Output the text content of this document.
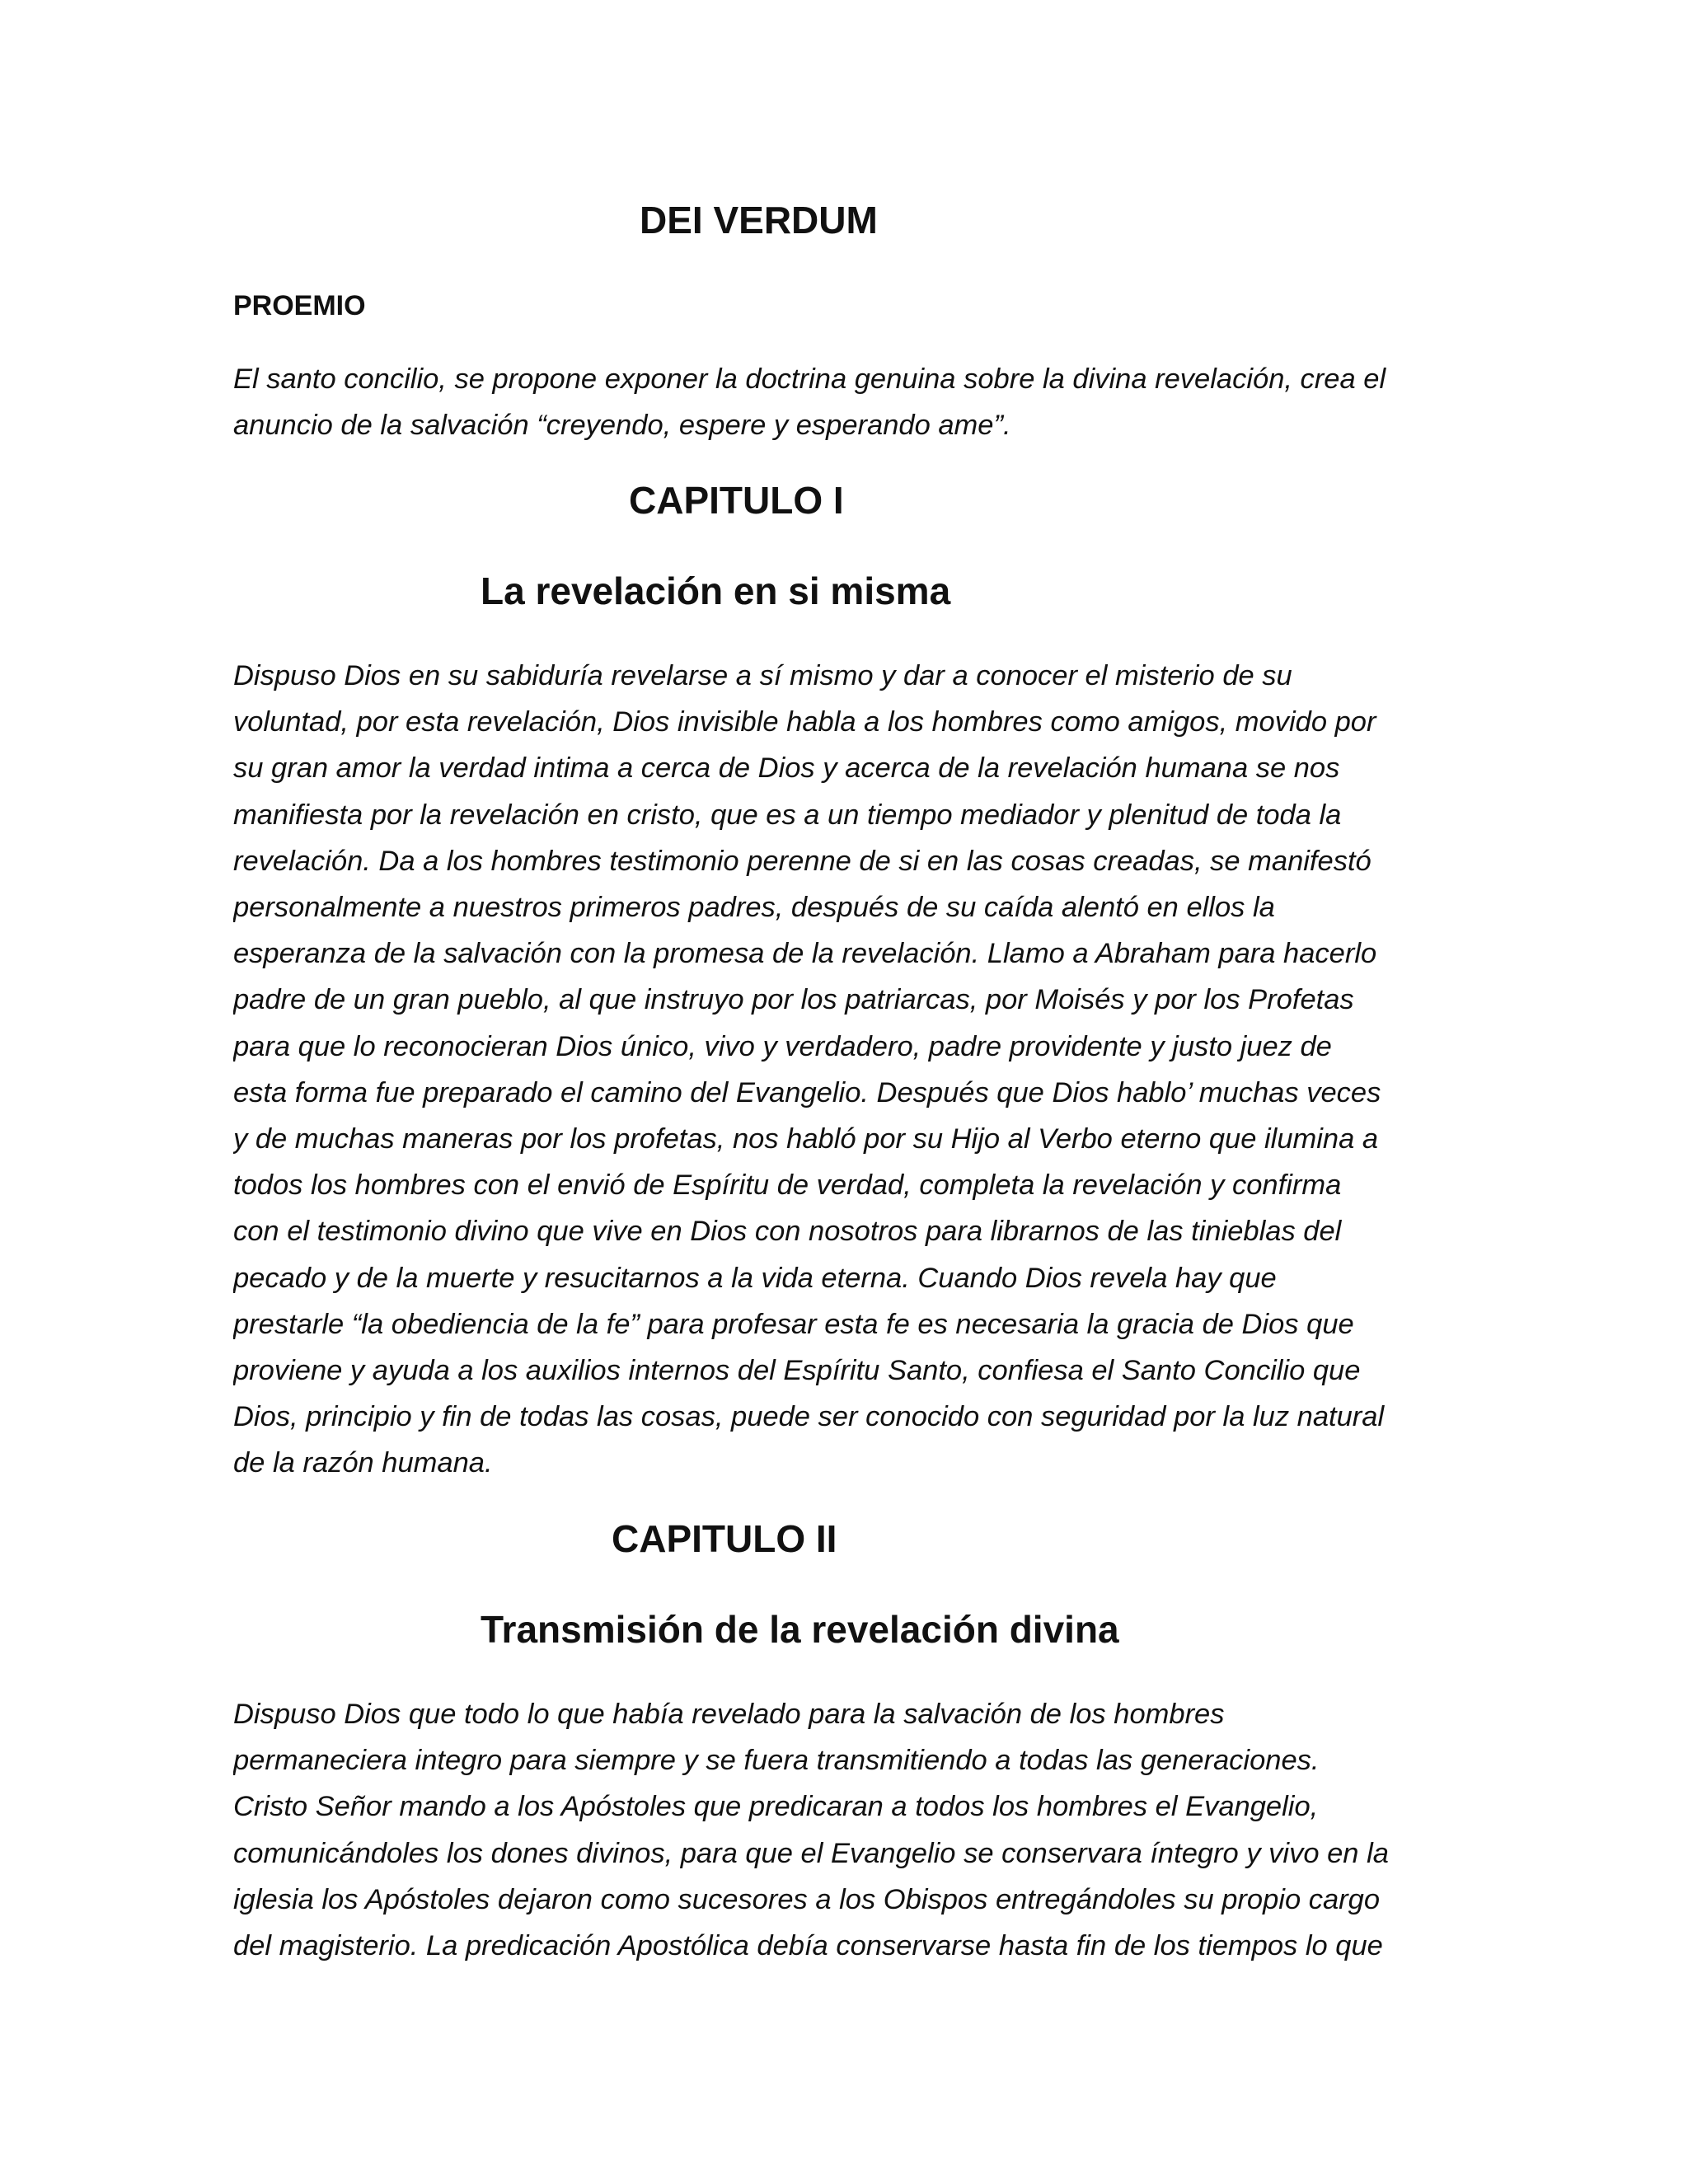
DEI VERDUM
PROEMIO

El santo concilio, se propone exponer la doctrina genuina sobre la divina revelación, crea el
anuncio de la salvación “creyendo, espere y esperando ame”.

CAPITULO I
La revelación en si misma

Dispuso Dios en su sabiduría revelarse a sí mismo y dar a conocer el misterio de su
voluntad, por esta revelación, Dios invisible habla a los hombres como amigos, movido por
su gran amor la verdad intima a cerca de Dios y acerca de la revelación humana se nos
manifiesta por la revelación en cristo, que es a un tiempo mediador y plenitud de toda la
revelación. Da a los hombres testimonio perenne de si en las cosas creadas, se manifestó
personalmente a nuestros primeros padres, después de su caída alentó en ellos la
esperanza de la salvación con la promesa de la revelación. Llamo a Abraham para hacerlo
padre de un gran pueblo, al que instruyo por los patriarcas, por Moisés y por los Profetas
para que lo reconocieran Dios único, vivo y verdadero, padre providente y justo juez de
esta forma fue preparado el camino del Evangelio. Después que Dios hablo’ muchas veces
y de muchas maneras por los profetas, nos habló por su Hijo al Verbo eterno que ilumina a
todos los hombres con el envió de Espíritu de verdad, completa la revelación y confirma
con el testimonio divino que vive en Dios con nosotros para librarnos de las tinieblas del
pecado y de la muerte y resucitarnos a la vida eterna. Cuando Dios revela hay que
prestarle “la obediencia de la fe” para profesar esta fe es necesaria la gracia de Dios que
proviene y ayuda a los auxilios internos del Espíritu Santo, confiesa el Santo Concilio que
Dios, principio y fin de todas las cosas, puede ser conocido con seguridad por la luz natural
de la razón humana.

CAPITULO II
Transmisión de la revelación divina

Dispuso Dios que todo lo que había revelado para la salvación de los hombres
permaneciera integro para siempre y se fuera transmitiendo a todas las generaciones.
Cristo Señor mando a los Apóstoles que predicaran a todos los hombres el Evangelio,
comunicándoles los dones divinos, para que el Evangelio se conservara íntegro y vivo en la
iglesia los Apóstoles dejaron como sucesores a los Obispos entregándoles su propio cargo
del magisterio. La predicación Apostólica debía conservarse hasta fin de los tiempos lo que
